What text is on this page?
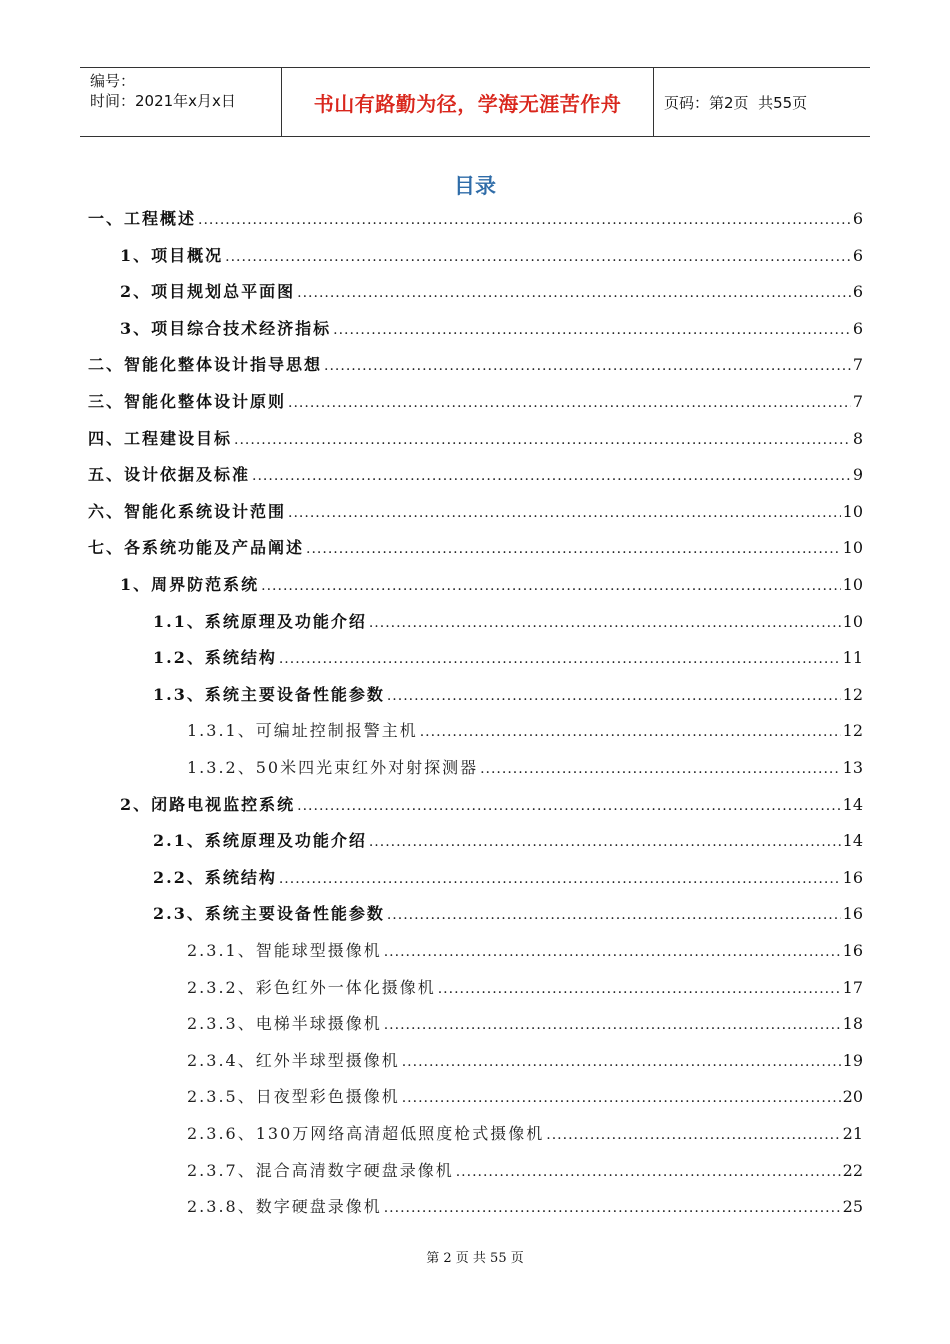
编号：
时间：2021年x月x日	书山有路勤为径，学海无涯苦作舟	页码：第2页  共55页
目录
一、工程概述 .....	6
1、项目概况 .....	6
2、项目规划总平面图 .....	6
3、项目综合技术经济指标 .....	6
二、智能化整体设计指导思想 .....	7
三、智能化整体设计原则 .....	7
四、工程建设目标 .....	8
五、设计依据及标准 .....	9
六、智能化系统设计范围 .....	10
七、各系统功能及产品阐述 .....	10
1、周界防范系统 .....	10
1.1、系统原理及功能介绍 .....	10
1.2、系统结构 .....	11
1.3、系统主要设备性能参数 .....	12
1.3.1、可编址控制报警主机 .....	12
1.3.2、50米四光束红外对射探测器 .....	13
2、闭路电视监控系统 .....	14
2.1、系统原理及功能介绍 .....	14
2.2、系统结构 .....	16
2.3、系统主要设备性能参数 .....	16
2.3.1、智能球型摄像机 .....	16
2.3.2、彩色红外一体化摄像机 .....	17
2.3.3、电梯半球摄像机 .....	18
2.3.4、红外半球型摄像机 .....	19
2.3.5、日夜型彩色摄像机 .....	20
2.3.6、130万网络高清超低照度枪式摄像机 .....	21
2.3.7、混合高清数字硬盘录像机 .....	22
2.3.8、数字硬盘录像机 .....	25
第 2 页 共 55 页
